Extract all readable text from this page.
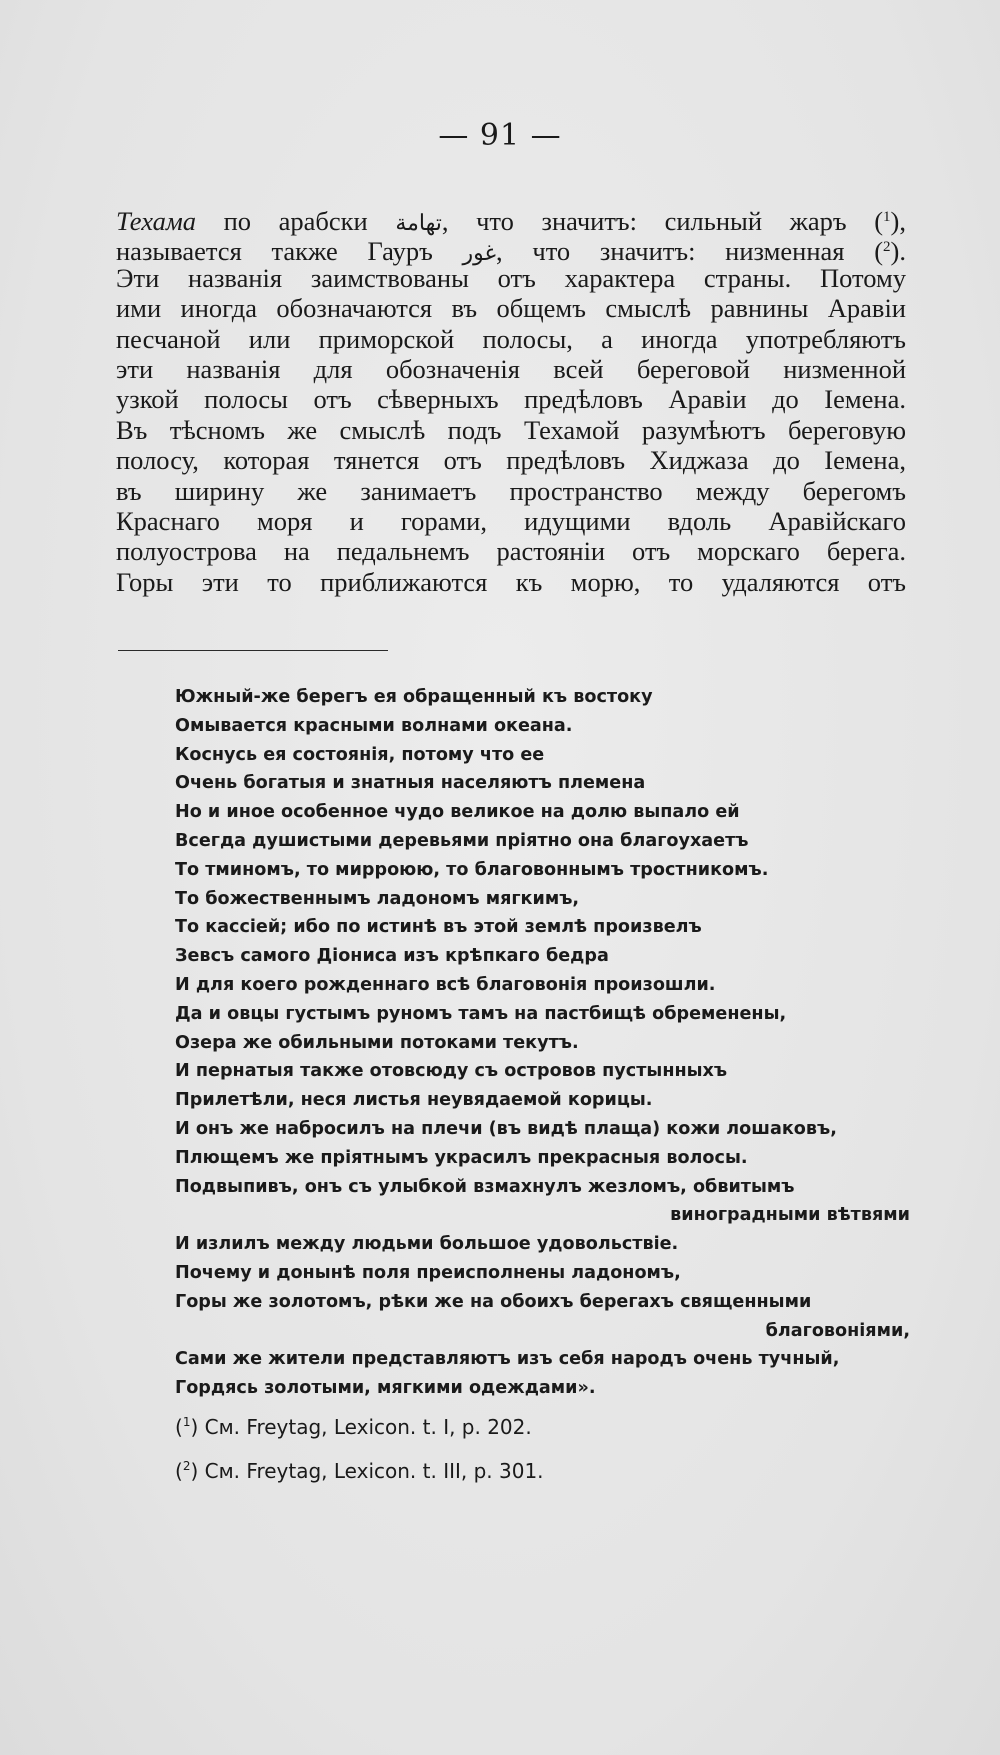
— 91 —
Техама по арабски تهامة, что значитъ: сильный жаръ ($^1$),
называется также Гауръ غور, что значитъ: низменная ($^2$).
Эти названія заимствованы отъ характера страны. Потому
ими иногда обозначаются въ общемъ смыслѣ равнины Аравіи
песчаной или приморской полосы, а иногда употребляютъ
эти названія для обозначенія всей береговой низменной
узкой полосы отъ сѣверныхъ предѣловъ Аравіи до Іемена.
Въ тѣсномъ же смыслѣ подъ Техамой разумѣютъ береговую
полосу, которая тянется отъ предѣловъ Хиджаза до Іемена,
въ ширину же занимаетъ пространство между берегомъ
Краснаго моря и горами, идущими вдоль Аравійскаго
полуострова на педальнемъ растояніи отъ морскаго берега.
Горы эти то приближаются къ морю, то удаляются отъ
Южный-же берегъ ея обращенный къ востоку
Омывается красными волнами океана.
Коснусь ея состоянія, потому что ее
Очень богатыя и знатныя населяютъ племена
Но и иное особенное чудо великое на долю выпало ей
Всегда душистыми деревьями пріятно она благоухаетъ
То тминомъ, то мирроюю, то благовоннымъ тростникомъ.
То божественнымъ ладономъ мягкимъ,
То кассіей; ибо по истинѣ въ этой землѣ произвелъ
Зевсъ самого Діониса изъ крѣпкаго бедра
И для коего рожденнаго всѣ благовонія произошли.
Да и овцы густымъ руномъ тамъ на пастбищѣ обременены,
Озера же обильными потоками текутъ.
И пернатыя также отовсюду съ островов пустынныхъ
Прилетѣли, неся листья неувядаемой корицы.
И онъ же набросилъ на плечи (въ видѣ плаща) кожи лошаковъ,
Плющемъ же пріятнымъ украсилъ прекрасныя волосы.
Подвыпивъ, онъ съ улыбкой взмахнулъ жезломъ, обвитымъ
виноградными вѣтвями
И излилъ между людьми большое удовольствіе.
Почему и донынѣ поля преисполнены ладономъ,
Горы же золотомъ, рѣки же на обоихъ берегахъ священными
благовоніями,
Сами же жители представляютъ изъ себя народъ очень тучный,
Гордясь золотыми, мягкими одеждами».
($^1$) См. Freytag, Lexicon. t. I, p. 202.
($^2$) См. Freytag, Lexicon. t. III, p. 301.
